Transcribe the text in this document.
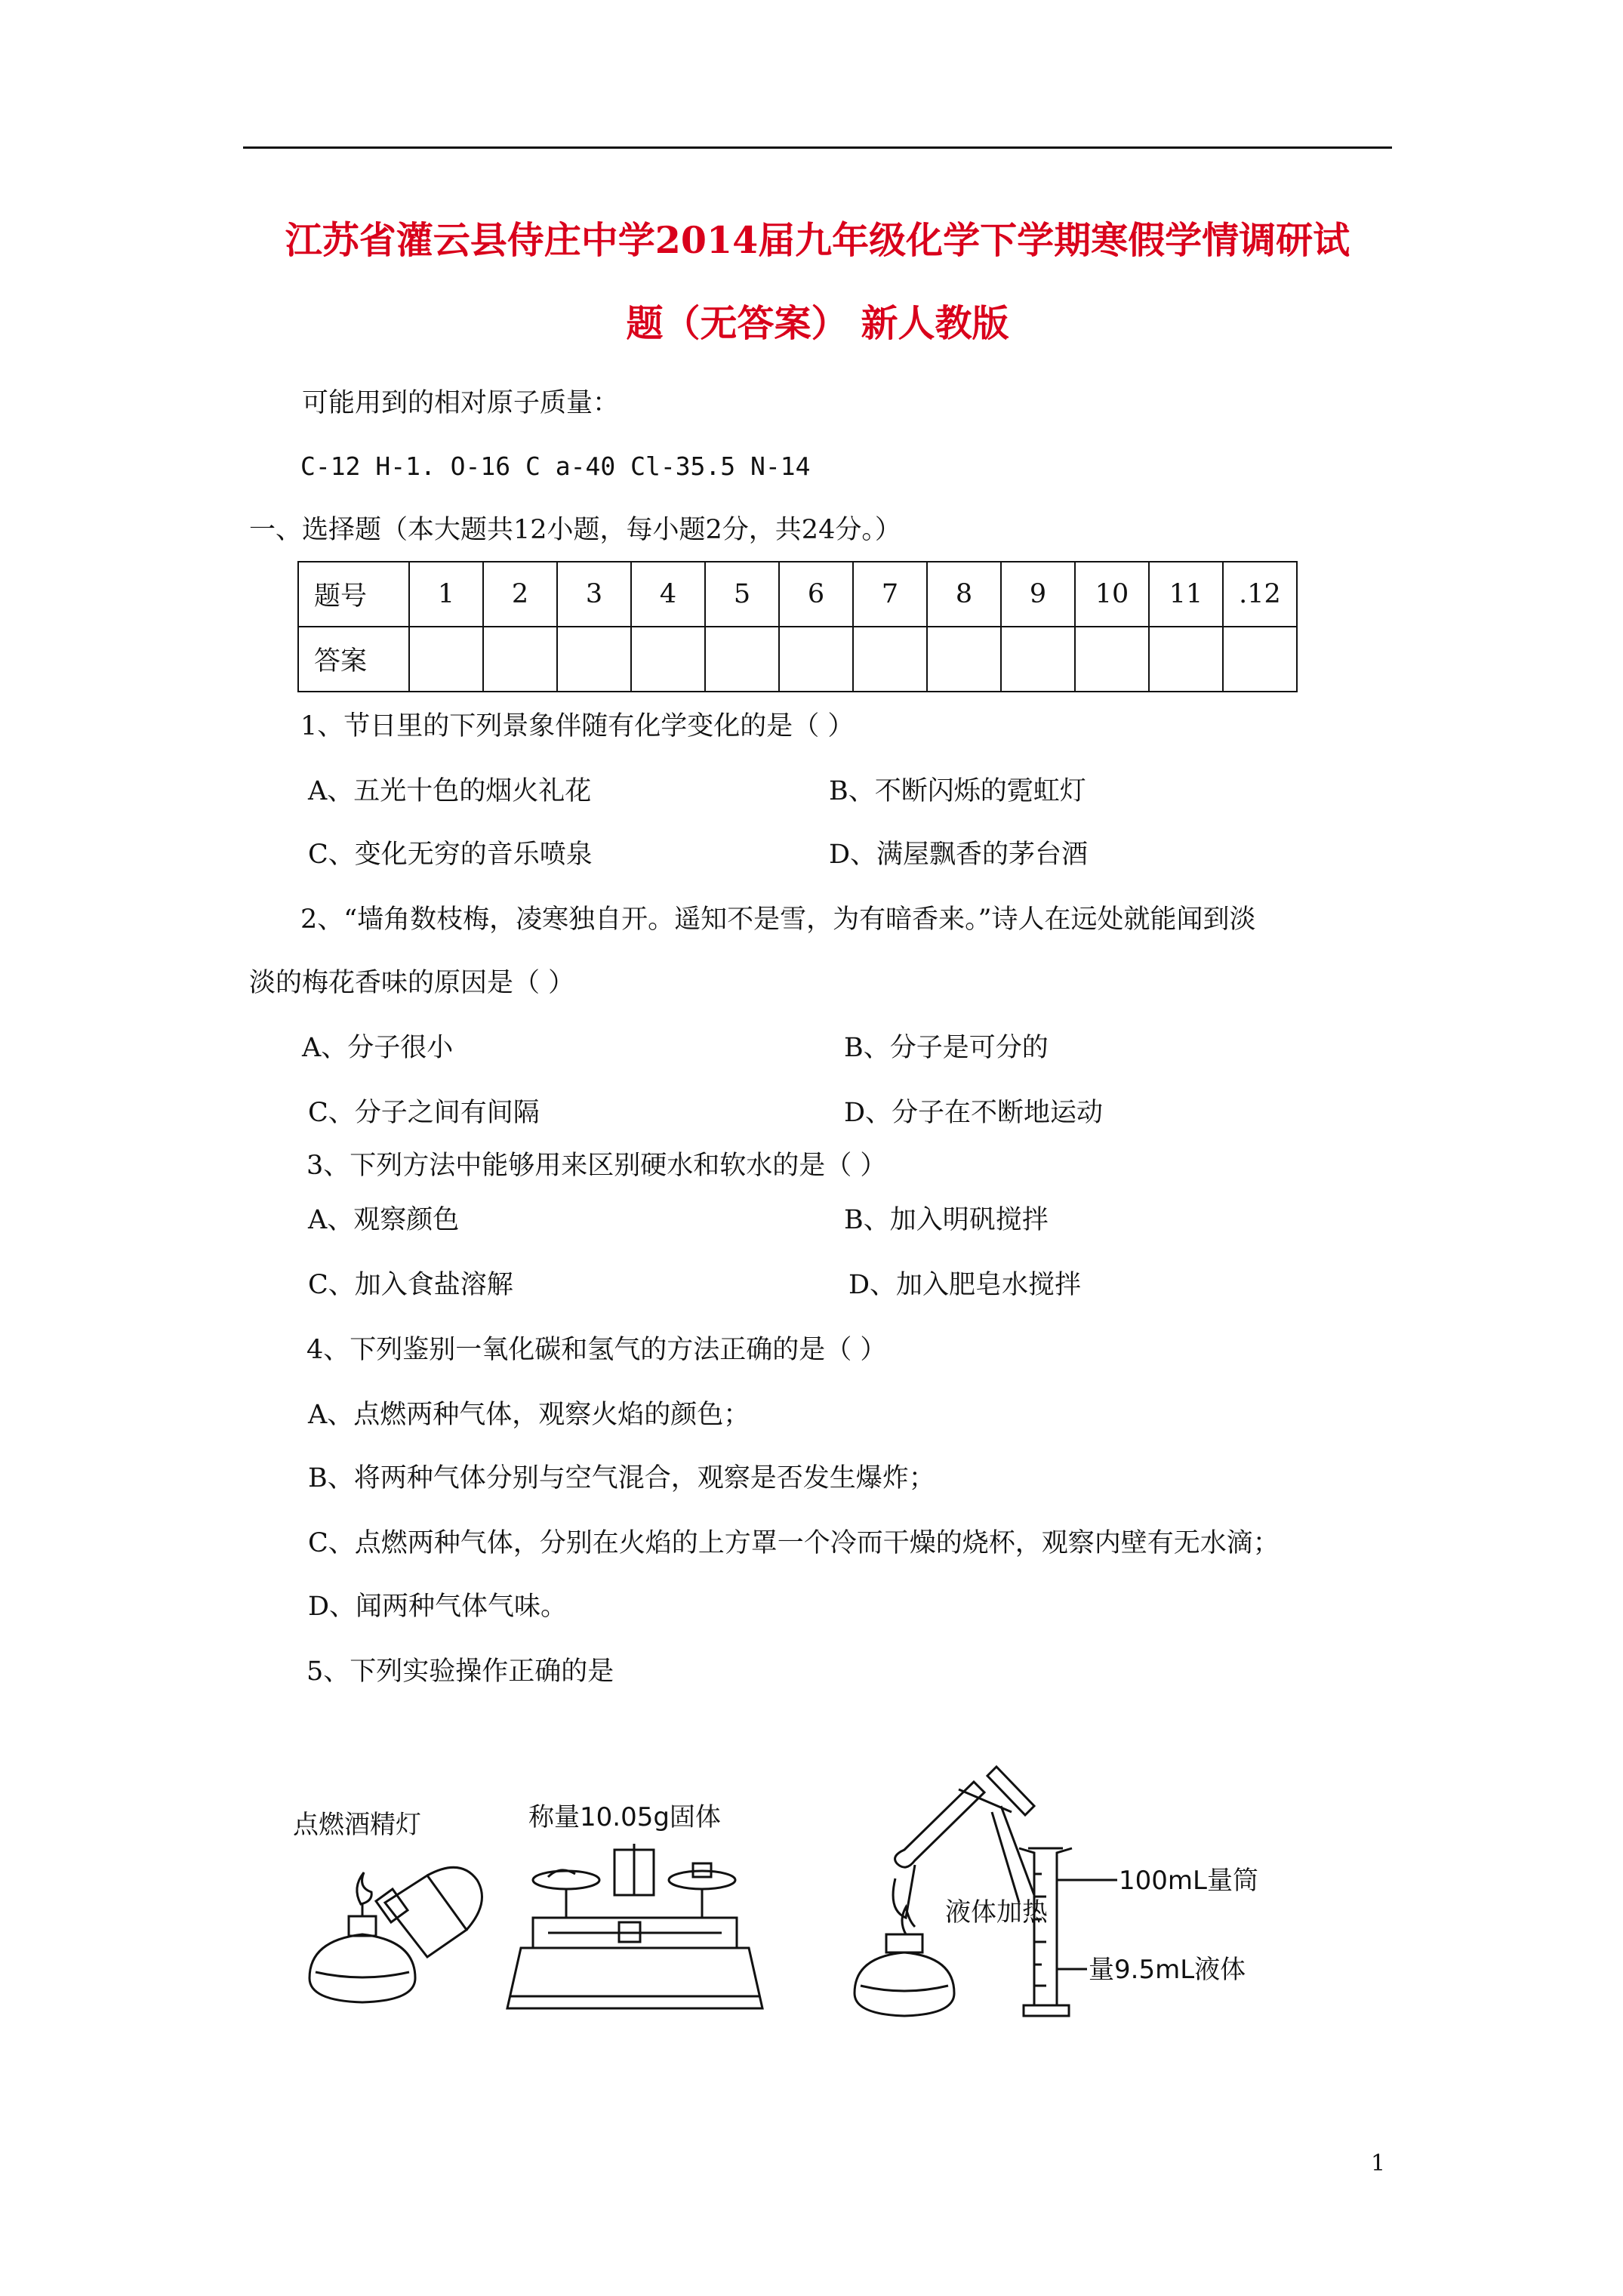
江苏省灌云县侍庄中学2014届九年级化学下学期寒假学情调研试
题（无答案） 新人教版
可能用到的相对原子质量：
C-12 H-1. O-16 C a-40 Cl-35.5 N-14
一、选择题（本大题共12小题，每小题2分，共24分。）
题号	1	2	3	4	5	6	7	8	9	10	11	.12
答案												
1、节日里的下列景象伴随有化学变化的是（ ）
A、五光十色的烟火礼花	B、不断闪烁的霓虹灯
C、变化无穷的音乐喷泉	D、满屋飘香的茅台酒
2、“墙角数枝梅，凌寒独自开。遥知不是雪，为有暗香来。”诗人在远处就能闻到淡
淡的梅花香味的原因是（ ）
A、分子很小	B、分子是可分的
C、分子之间有间隔	D、分子在不断地运动
3、下列方法中能够用来区别硬水和软水的是（ ）
A、观察颜色	B、加入明矾搅拌
C、加入食盐溶解	D、加入肥皂水搅拌
4、下列鉴别一氧化碳和氢气的方法正确的是（ ）
A、点燃两种气体，观察火焰的颜色；
B、将两种气体分别与空气混合，观察是否发生爆炸；
C、点燃两种气体，分别在火焰的上方罩一个冷而干燥的烧杯，观察内壁有无水滴；
D、闻两种气体气味。
5、下列实验操作正确的是
点燃酒精灯	称量10.05g固体
液体加热
100mL量筒
量9.5mL液体
1
